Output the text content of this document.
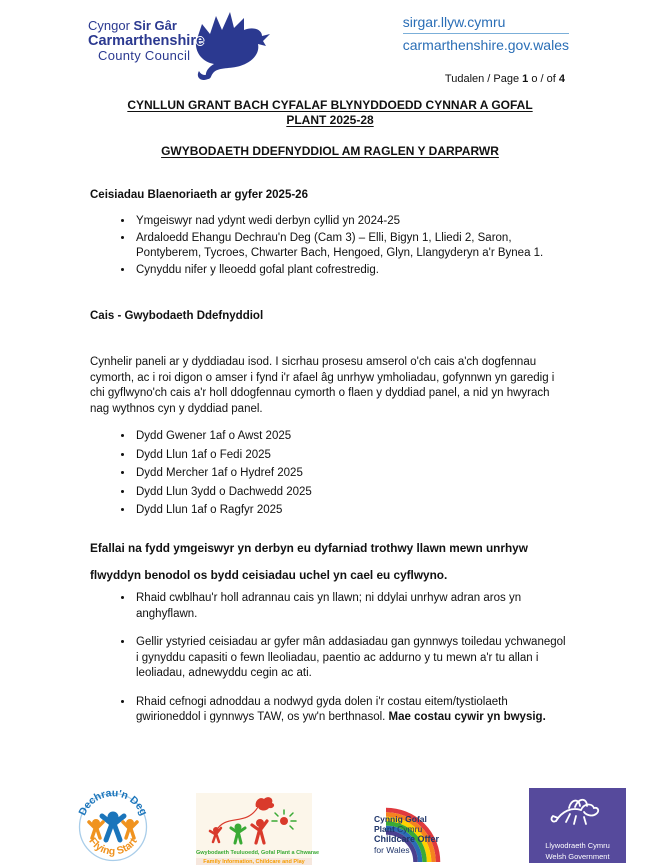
Cyngor Sir Gâr
Carmarthenshire
County Council
sirgar.llyw.cymru
carmarthenshire.gov.wales
Tudalen / Page 1 o / of 4
CYNLLUN GRANT BACH CYFALAF BLYNYDDOEDD CYNNAR A GOFAL PLANT 2025-28
GWYBODAETH DDEFNYDDIOL AM RAGLEN Y DARPARWR
Ceisiadau Blaenoriaeth ar gyfer 2025-26
• Ymgeiswyr nad ydynt wedi derbyn cyllid yn 2024-25
• Ardaloedd Ehangu Dechrau'n Deg (Cam 3) – Elli, Bigyn 1, Lliedi 2, Saron, Pontyberem, Tycroes, Chwarter Bach, Hengoed, Glyn, Llangyderyn a'r Bynea 1.
• Cynyddu nifer y lleoedd gofal plant cofrestredig.
Cais - Gwybodaeth Ddefnyddiol
Cynhelir paneli ar y dyddiadau isod. I sicrhau prosesu amserol o'ch cais a'ch dogfennau cymorth, ac i roi digon o amser i fynd i'r afael âg unrhyw ymholiadau, gofynnwn yn garedig i chi gyflwyno'ch cais a'r holl ddogfennau cymorth o flaen y dyddiad panel, a nid yn hwyrach nag wythnos cyn y dyddiad panel.
• Dydd Gwener 1af o Awst 2025
• Dydd Llun 1af o Fedi 2025
• Dydd Mercher 1af o Hydref 2025
• Dydd Llun 3ydd o Dachwedd 2025
• Dydd Llun 1af o Ragfyr 2025
Efallai na fydd ymgeiswyr yn derbyn eu dyfarniad trothwy llawn mewn unrhyw flwyddyn benodol os bydd ceisiadau uchel yn cael eu cyflwyno.
• Rhaid cwblhau'r holl adrannau cais yn llawn; ni ddylai unrhyw adran aros yn anghyflawn.
• Gellir ystyried ceisiadau ar gyfer mân addasiadau gan gynnwys toiledau ychwanegol i gynyddu capasiti o fewn lleoliadau, paentio ac addurno y tu mewn a'r tu allan i leoliadau, adnewyddu cegin ac ati.
• Rhaid cefnogi adnoddau a nodwyd gyda dolen i'r costau eitem/tystiolaeth gwirioneddol i gynnwys TAW, os yw'n berthnasol. Mae costau cywir yn bwysig.
Dechrau'n Deg
Flying Start
Gwybodaeth Teuluoedd, Gofal Plant a Chwarae
Family Information, Childcare and Play
Cynnig Gofal
Plant Cymru
Childcare Offer
for Wales	Llywodraeth Cymru
Welsh Government
